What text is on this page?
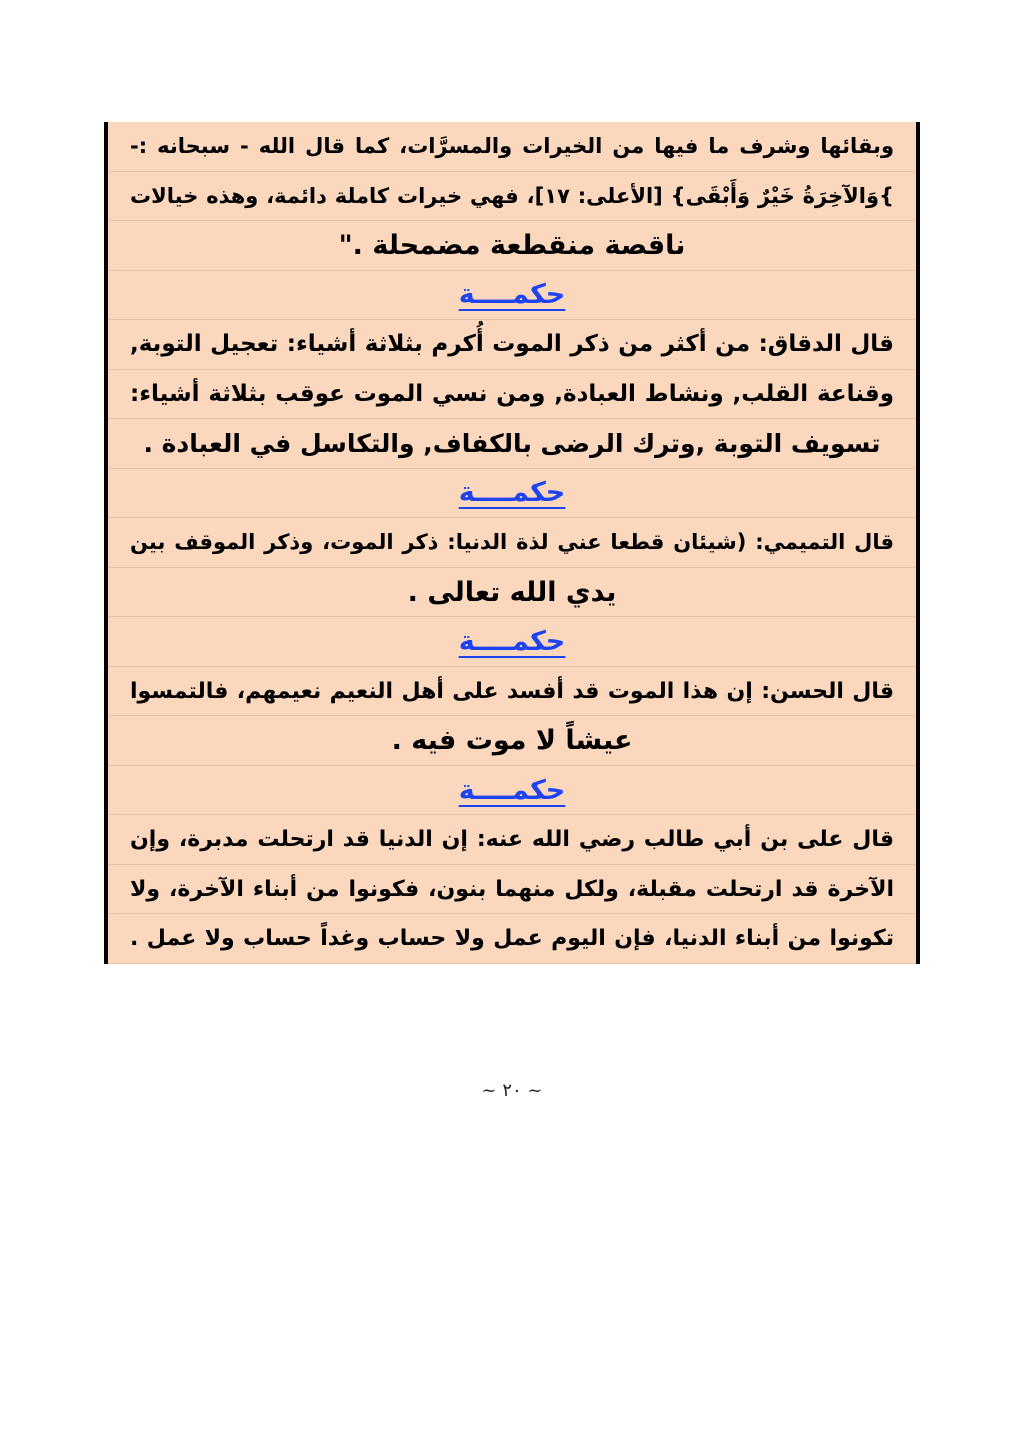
وبقائها وشرف ما فيها من الخيرات والمسرَّات، كما قال الله - سبحانه :-
}وَالآخِرَةُ خَيْرٌ وَأَبْقَى} [الأعلى: ١٧]، فهي خيرات كاملة دائمة، وهذه خيالات
ناقصة منقطعة مضمحلة ."
حكمــــة
قال الدقاق: من أكثر من ذكر الموت أُكرم بثلاثة أشياء: تعجيل التوبة,
وقناعة القلب, ونشاط العبادة, ومن نسي الموت عوقب بثلاثة أشياء:
تسويف التوبة ,وترك الرضى بالكفاف, والتكاسل في العبادة .
حكمــــة
قال التميمي: (شيئان قطعا عني لذة الدنيا: ذكر الموت، وذكر الموقف بين
يدي الله تعالى .
حكمــــة
قال الحسن: إن هذا الموت قد أفسد على أهل النعيم نعيمهم، فالتمسوا
عيشاً لا موت فيه .
حكمــــة
قال على بن أبي طالب رضي الله عنه: إن الدنيا قد ارتحلت مدبرة، وإن
الآخرة قد ارتحلت مقبلة، ولكل منهما بنون، فكونوا من أبناء الآخرة، ولا
تكونوا من أبناء الدنيا، فإن اليوم عمل ولا حساب وغداً حساب ولا عمل .
~ ٢٠ ~
